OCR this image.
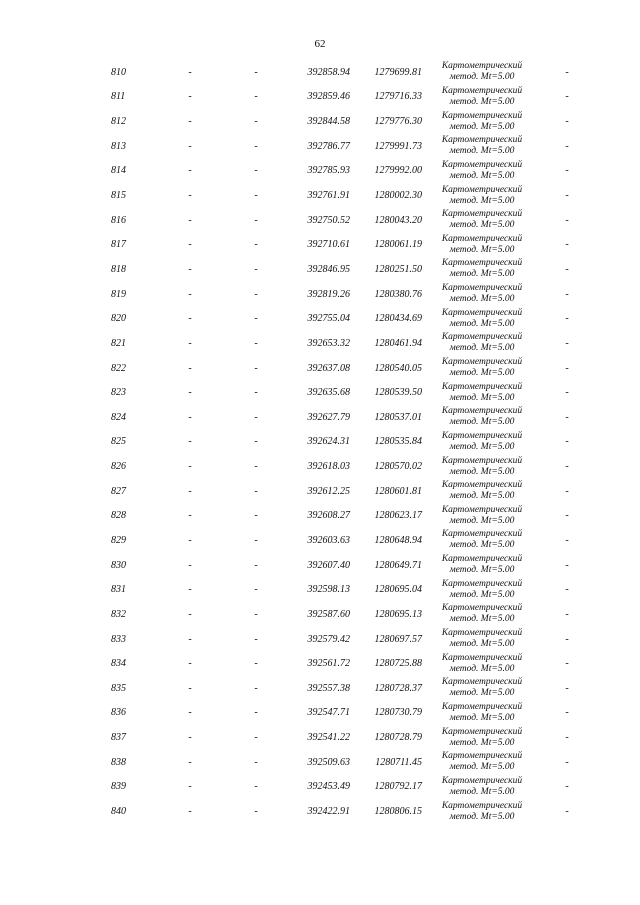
62
810	-	-	392858.94	1279699.81
Картометрический
метод. Mt=5.00	-
811	-	-	392859.46	1279716.33
Картометрический
метод. Mt=5.00	-
812	-	-	392844.58	1279776.30
Картометрический
метод. Mt=5.00	-
813	-	-	392786.77	1279991.73
Картометрический
метод. Mt=5.00	-
814	-	-	392785.93	1279992.00
Картометрический
метод. Mt=5.00	-
815	-	-	392761.91	1280002.30
Картометрический
метод. Mt=5.00	-
816	-	-	392750.52	1280043.20
Картометрический
метод. Mt=5.00	-
817	-	-	392710.61	1280061.19
Картометрический
метод. Mt=5.00	-
818	-	-	392846.95	1280251.50
Картометрический
метод. Mt=5.00	-
819	-	-	392819.26	1280380.76
Картометрический
метод. Mt=5.00	-
820	-	-	392755.04	1280434.69
Картометрический
метод. Mt=5.00	-
821	-	-	392653.32	1280461.94
Картометрический
метод. Mt=5.00	-
822	-	-	392637.08	1280540.05
Картометрический
метод. Mt=5.00	-
823	-	-	392635.68	1280539.50
Картометрический
метод. Mt=5.00	-
824	-	-	392627.79	1280537.01
Картометрический
метод. Mt=5.00	-
825	-	-	392624.31	1280535.84
Картометрический
метод. Mt=5.00	-
826	-	-	392618.03	1280570.02
Картометрический
метод. Mt=5.00	-
827	-	-	392612.25	1280601.81
Картометрический
метод. Mt=5.00	-
828	-	-	392608.27	1280623.17
Картометрический
метод. Mt=5.00	-
829	-	-	392603.63	1280648.94
Картометрический
метод. Mt=5.00	-
830	-	-	392607.40	1280649.71
Картометрический
метод. Mt=5.00	-
831	-	-	392598.13	1280695.04
Картометрический
метод. Mt=5.00	-
832	-	-	392587.60	1280695.13
Картометрический
метод. Mt=5.00	-
833	-	-	392579.42	1280697.57
Картометрический
метод. Mt=5.00	-
834	-	-	392561.72	1280725.88
Картометрический
метод. Mt=5.00	-
835	-	-	392557.38	1280728.37
Картометрический
метод. Mt=5.00	-
836	-	-	392547.71	1280730.79
Картометрический
метод. Mt=5.00	-
837	-	-	392541.22	1280728.79
Картометрический
метод. Mt=5.00	-
838	-	-	392509.63	1280711.45
Картометрический
метод. Mt=5.00	-
839	-	-	392453.49	1280792.17
Картометрический
метод. Mt=5.00	-
840	-	-	392422.91	1280806.15
Картометрический
метод. Mt=5.00	-
